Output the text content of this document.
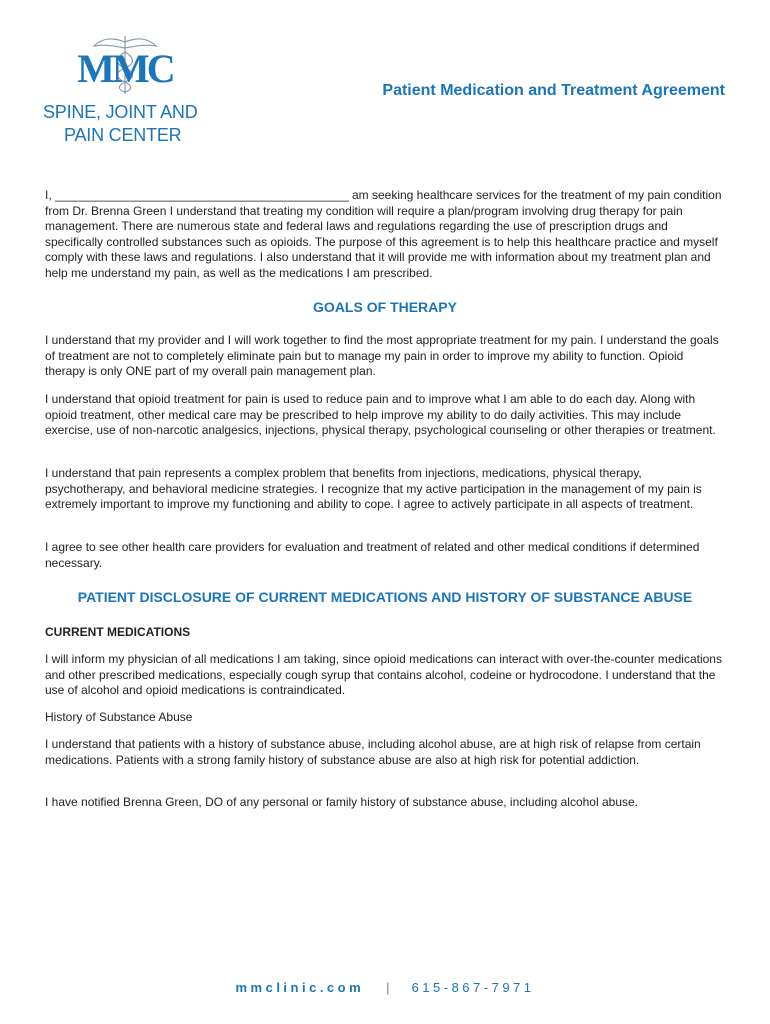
MMC
SPINE, JOINT AND
PAIN CENTER
Patient Medication and Treatment Agreement

I, ____________________________________________ am seeking healthcare services for the treatment of my pain condition from Dr. Brenna Green I understand that treating my condition will require a plan/program involving drug therapy for pain management. There are numerous state and federal laws and regulations regarding the use of prescription drugs and specifically controlled substances such as opioids. The purpose of this agreement is to help this healthcare practice and myself comply with these laws and regulations. I also understand that it will provide me with information about my treatment plan and help me understand my pain, as well as the medications I am prescribed.

GOALS OF THERAPY

I understand that my provider and I will work together to find the most appropriate treatment for my pain. I understand the goals of treatment are not to completely eliminate pain but to manage my pain in order to improve my ability to function. Opioid therapy is only ONE part of my overall pain management plan.

I understand that opioid treatment for pain is used to reduce pain and to improve what I am able to do each day. Along with opioid treatment, other medical care may be prescribed to help improve my ability to do daily activities. This may include exercise, use of non-narcotic analgesics, injections, physical therapy, psychological counseling or other therapies or treatment.

I understand that pain represents a complex problem that benefits from injections, medications, physical therapy, psychotherapy, and behavioral medicine strategies. I recognize that my active participation in the management of my pain is extremely important to improve my functioning and ability to cope. I agree to actively participate in all aspects of treatment.

I agree to see other health care providers for evaluation and treatment of related and other medical conditions if determined necessary.

PATIENT DISCLOSURE OF CURRENT MEDICATIONS AND HISTORY OF SUBSTANCE ABUSE
CURRENT MEDICATIONS

I will inform my physician of all medications I am taking, since opioid medications can interact with over-the-counter medications and other prescribed medications, especially cough syrup that contains alcohol, codeine or hydrocodone. I understand that the use of alcohol and opioid medications is contraindicated.

History of Substance Abuse

I understand that patients with a history of substance abuse, including alcohol abuse, are at high risk of relapse from certain medications. Patients with a strong family history of substance abuse are also at high risk for potential addiction.

I have notified Brenna Green, DO of any personal or family history of substance abuse, including alcohol abuse.

mmclinic.com | 615-867-7971
